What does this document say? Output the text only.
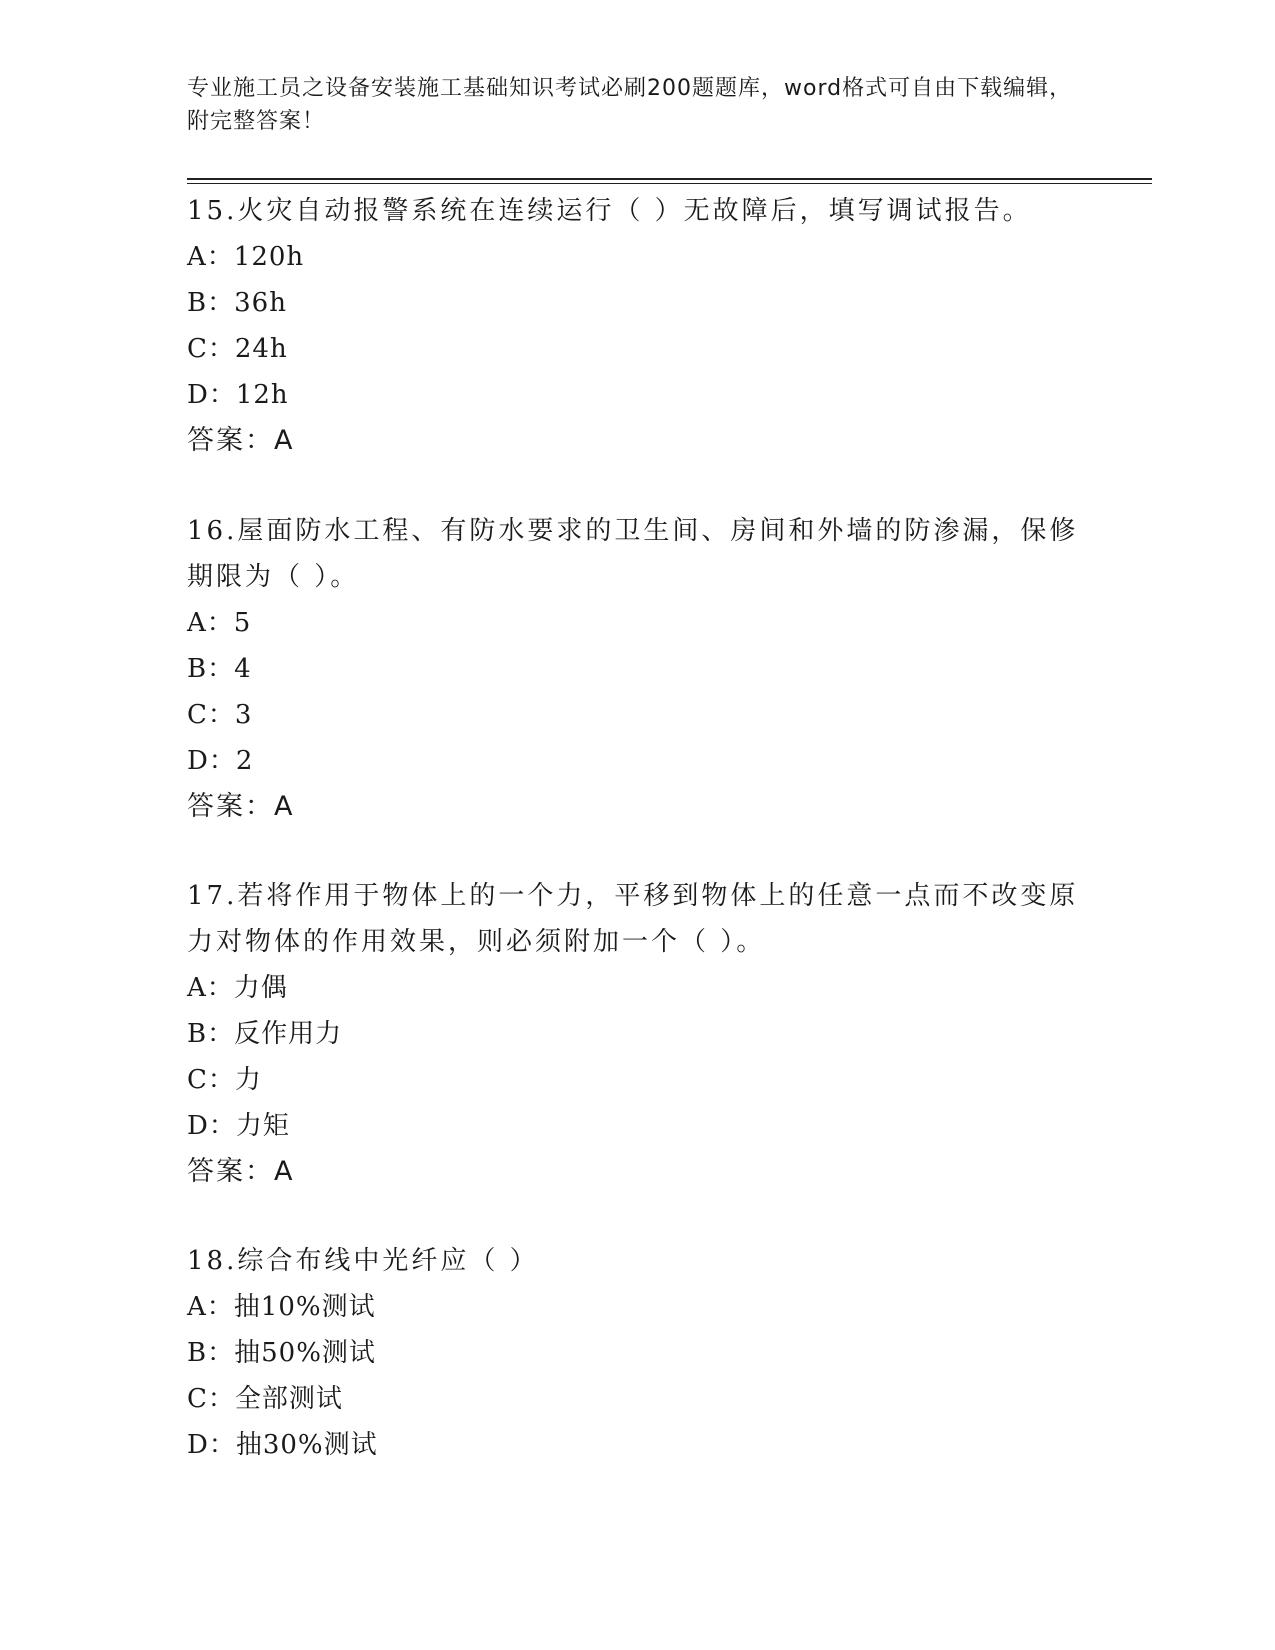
专业施工员之设备安装施工基础知识考试必刷200题题库，word格式可自由下载编辑，附完整答案！

15.火灾自动报警系统在连续运行（ ）无故障后，填写调试报告。

A：120h

B：36h

C：24h

D：12h

答案：A

16.屋面防水工程、有防水要求的卫生间、房间和外墙的防渗漏，保修期限为（ ）。

A：5

B：4

C：3

D：2

答案：A

17.若将作用于物体上的一个力，平移到物体上的任意一点而不改变原力对物体的作用效果，则必须附加一个（ ）。

A：力偶

B：反作用力

C：力

D：力矩

答案：A

18.综合布线中光纤应（ ）

A：抽10%测试

B：抽50%测试

C：全部测试

D：抽30%测试
